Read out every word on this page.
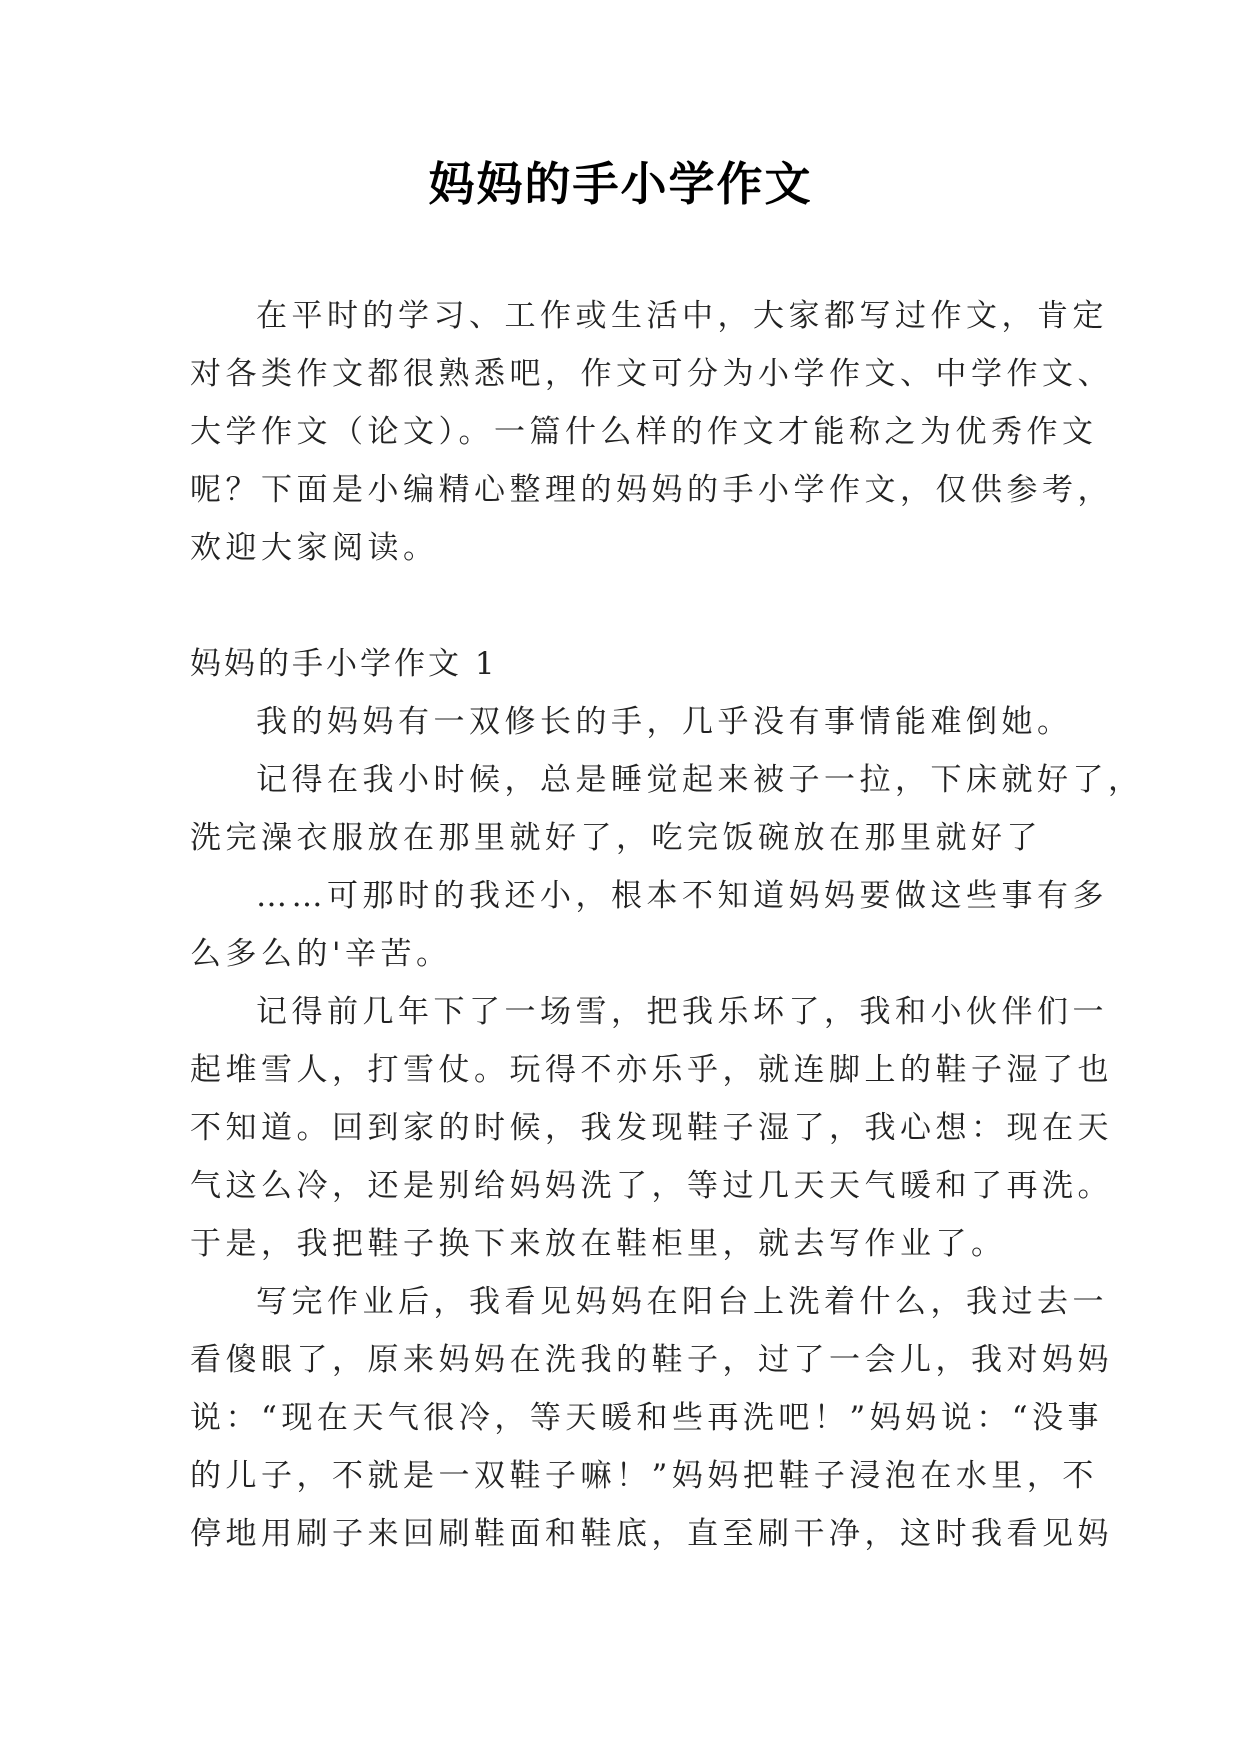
妈妈的手小学作文
在平时的学习、工作或生活中，大家都写过作文，肯定
对各类作文都很熟悉吧，作文可分为小学作文、中学作文、
大学作文（论文）。一篇什么样的作文才能称之为优秀作文
呢？下面是小编精心整理的妈妈的手小学作文，仅供参考，
欢迎大家阅读。
妈妈的手小学作文 1
我的妈妈有一双修长的手，几乎没有事情能难倒她。
记得在我小时候，总是睡觉起来被子一拉，下床就好了，
洗完澡衣服放在那里就好了，吃完饭碗放在那里就好了
……可那时的我还小，根本不知道妈妈要做这些事有多
么多么的'辛苦。
记得前几年下了一场雪，把我乐坏了，我和小伙伴们一
起堆雪人，打雪仗。玩得不亦乐乎，就连脚上的鞋子湿了也
不知道。回到家的时候，我发现鞋子湿了，我心想：现在天
气这么冷，还是别给妈妈洗了，等过几天天气暖和了再洗。
于是，我把鞋子换下来放在鞋柜里，就去写作业了。
写完作业后，我看见妈妈在阳台上洗着什么，我过去一
看傻眼了，原来妈妈在洗我的鞋子，过了一会儿，我对妈妈
说：“现在天气很冷，等天暖和些再洗吧！”妈妈说：“没事
的儿子，不就是一双鞋子嘛！”妈妈把鞋子浸泡在水里，不
停地用刷子来回刷鞋面和鞋底，直至刷干净，这时我看见妈
